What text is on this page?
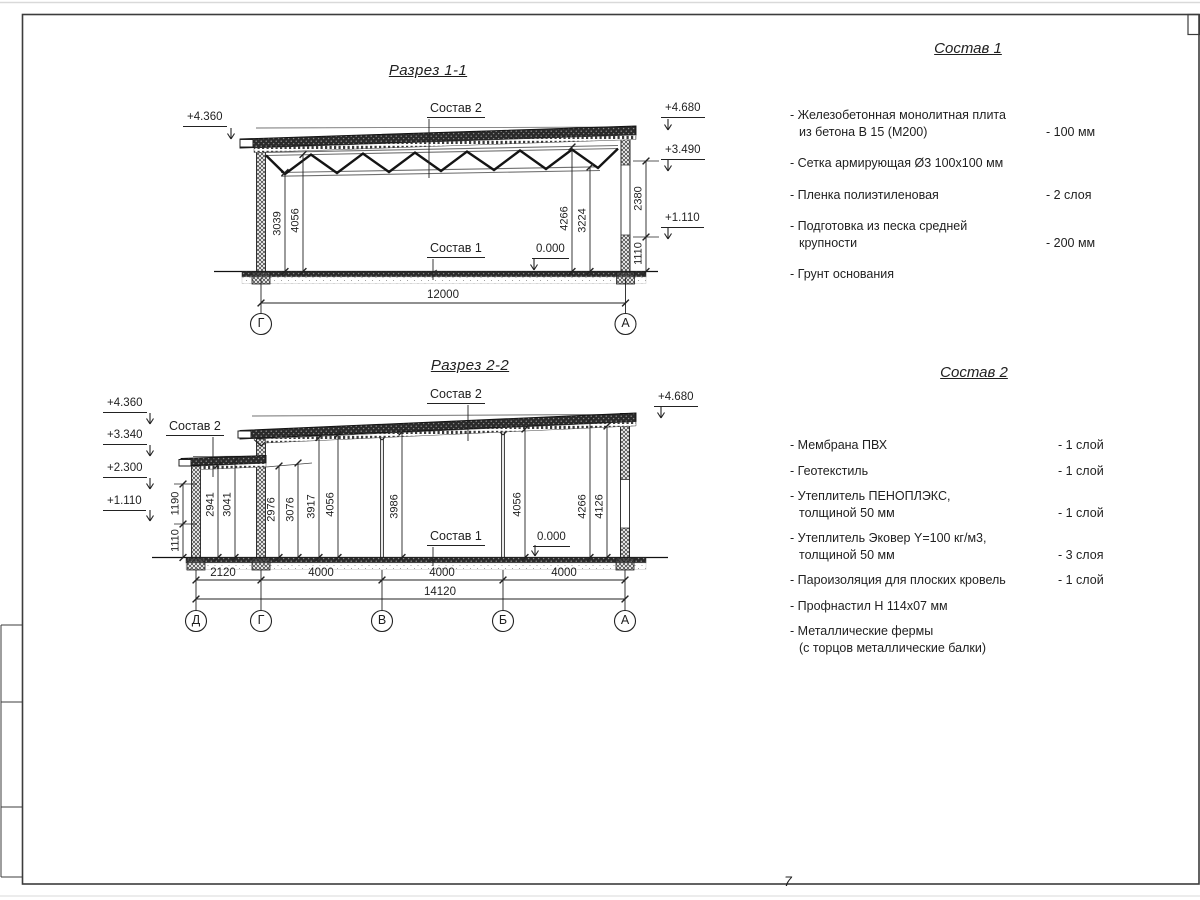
Разрез 1-1
Состав 2
Состав 1	0.000
+4.360
+4.680
+3.490
+1.110
3039 4056	4266 3224
2380
1110
12000
Г	А
Разрез 2-2
Состав 2
Состав 2
Состав 1	0.000
+4.360
+3.340
+2.300
+1.110
+4.680
1190
1110
2941 3041	2976 3076 3917 4056	3986	4056	4266 4126
2120	4000	4000	4000
14120
Д	Г	В	Б	А
Состав 1
- Железобетонная монолитная плита
из бетона В 15 (М200)	- 100 мм
- Сетка армирующая Ø3 100х100 мм
- Пленка полиэтиленовая	- 2 слоя
- Подготовка из песка средней
крупности	- 200 мм
- Грунт основания
Состав 2
- Мембрана ПВХ	- 1 слой
- Геотекстиль	- 1 слой
- Утеплитель ПЕНОПЛЭКС,
толщиной 50 мм	- 1 слой
- Утеплитель Эковер Y=100 кг/м3,
толщиной 50 мм	- 3 слоя
- Пароизоляция для плоских кровель	- 1 слой
- Профнастил Н 114х07 мм
- Металлические фермы
(с торцов металлические балки)
7
